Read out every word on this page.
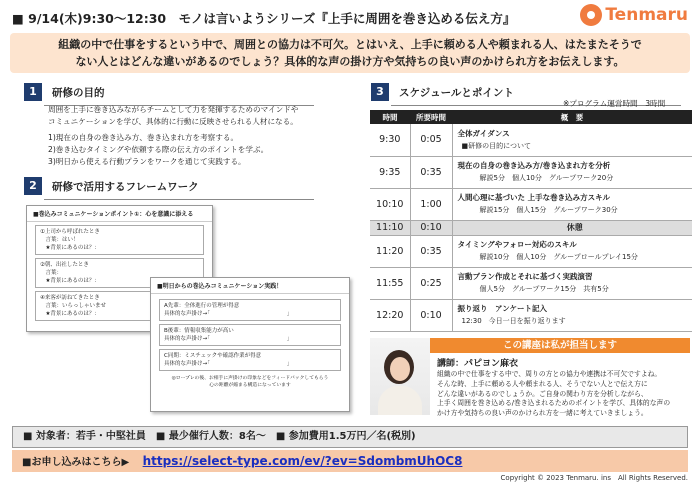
■ 9/14(木)9:30～12:30　モノは言いようシリーズ『上手に周囲を巻き込める伝え方』	Tenmaru
組織の中で仕事をするという中で、周囲との協力は不可欠。とはいえ、上手に頼める人や頼まれる人、はたまたそうで
ない人とはどんな違いがあるのでしょう？具体的な声の掛け方や気持ちの良い声のかけられ方をお伝えします。
1	研修の目的
周囲を上手に巻き込みながらチームとして力を発揮するためのマインドや
コミュニケーションを学び、具体的に行動に反映させられる人材になる。
1)現在の自身の巻き込み方、巻き込まれ方を考察する。
2)巻き込むタイミングや依頼する際の伝え方のポイントを学ぶ。
3)明日から使える行動プランをワークを通じて実践する。
2	研修で活用するフレームワーク
■巻込みコミュニケーションポイント①：心を意識に添える
①上司から呼ばれたとき
　言葉：はい！
　★背景にあるのは？：
②朝、出社したとき
　言葉：
　★背景にあるのは？：
④来客が訪ねてきたとき
　言葉：いらっしゃいませ
　★背景にあるのは？：
■明日からの巻込みコミュニケーション実践！
A先輩：全体進行の管理が得意
具体的な声掛け→｢　　　　　　　　　　　　　　｣
B後輩：情報収集能力が高い
具体的な声掛け→｢　　　　　　　　　　　　　　｣
C同期：ミスチェックや確認作業が得意
具体的な声掛け→｢　　　　　　　　　　　　　　｣
◎ロープレの後、お相手に声掛けの印象などをフィードバックしてもらう
心の距離が縮まる構造になっています
3	スケジュールとポイント
※プログラム運営時間　3時間
時間	所要時間	概　要
9:30	0:05	全体ガイダンス
■研修の目的について

9:35	0:35	現在の自身の巻き込み方/巻き込まれ方を分析
解説5分　個人10分　グループワーク20分

10:10	1:00	人間心理に基づいた 上手な巻き込み方スキル
解説15分　個人15分　グループワーク30分

11:10	0:10	休憩
11:20	0:35	タイミングやフォロー対応のスキル
解説10分　個人10分　グループロールプレイ15分

11:55	0:25	言動プラン作成とそれに基づく実践演習
個人5分　グループワーク15分　共有5分

12:20	0:10	振り返り　アンケート記入
12:30　今日一日を振り返ります
この講座は私が担当します
講師：パピヨン麻衣
組織の中で仕事をする中で、周りの方との協力や連携は不可欠ですよね。
そんな時、上手に頼める人や頼まれる人、そうでない人とで伝え方に
どんな違いがあるのでしょうか。ご自身の関わり方を分析しながら、
上手く周囲を巻き込める/巻き込まれるためのポイントを学び、具体的な声の
かけ方や気持ちの良い声のかけられ方を一緒に考えていきましょう。
■ 対象者：若手・中堅社員　■ 最少催行人数：8名～　■ 参加費用1.5万円／名(税別)
■お申し込みはこちら▶ https://select-type.com/ev/?ev=SdombmUhOC8
Copyright © 2023 Tenmaru. ins　All Rights Reserved.
